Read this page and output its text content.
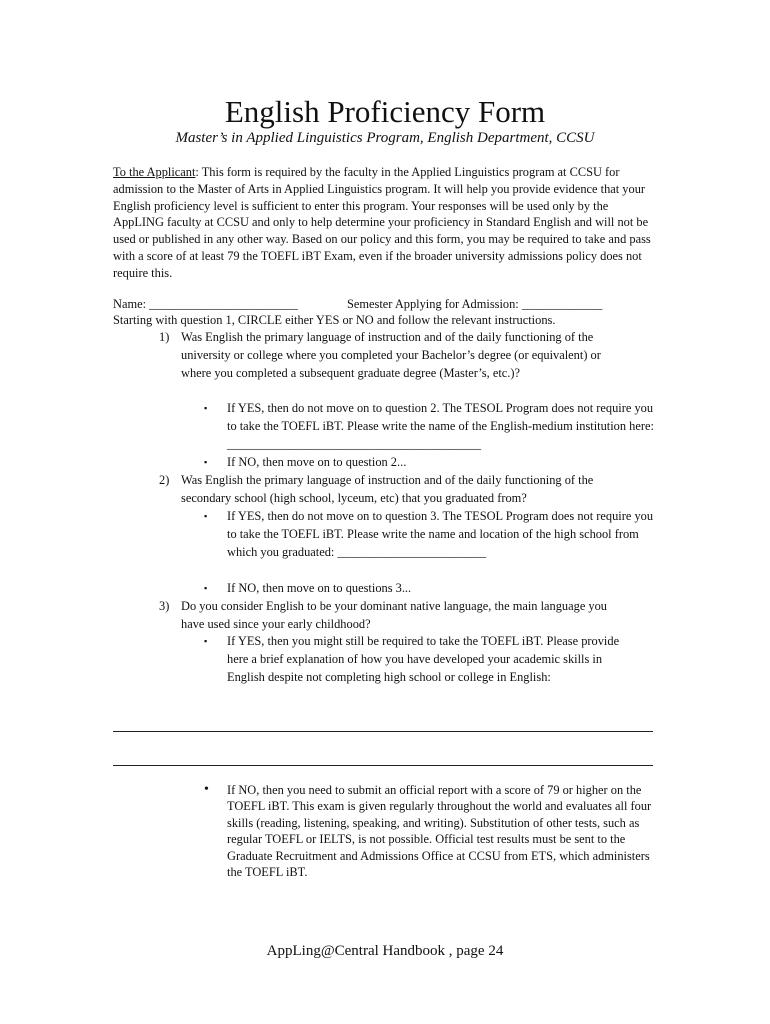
English Proficiency Form
Master’s in Applied Linguistics Program, English Department, CCSU
To the Applicant: This form is required by the faculty in the Applied Linguistics program at CCSU for admission to the Master of Arts in Applied Linguistics program. It will help you provide evidence that your English proficiency level is sufficient to enter this program. Your responses will be used only by the AppLING faculty at CCSU and only to help determine your proficiency in Standard English and will not be used or published in any other way. Based on our policy and this form, you may be required to take and pass with a score of at least 79 the TOEFL iBT Exam, even if the broader university admissions policy does not require this.
Name: ________________________	Semester Applying for Admission: _____________
Starting with question 1, CIRCLE either YES or NO and follow the relevant instructions.
1) Was English the primary language of instruction and of the daily functioning of the university or college where you completed your Bachelor’s degree (or equivalent) or where you completed a subsequent graduate degree (Master’s, etc.)?
▪	If YES, then do not move on to question 2. The TESOL Program does not require you to take the TOEFL iBT. Please write the name of the English-medium institution here: _________________________________________
▪	If NO, then move on to question 2...
2) Was English the primary language of instruction and of the daily functioning of the secondary school (high school, lyceum, etc) that you graduated from?
▪	If YES, then do not move on to question 3. The TESOL Program does not require you to take the TOEFL iBT. Please write the name and location of the high school from which you graduated: ________________________
▪	If NO, then move on to questions 3...
3) Do you consider English to be your dominant native language, the main language you have used since your early childhood?
▪	If YES, then you might still be required to take the TOEFL iBT. Please provide here a brief explanation of how you have developed your academic skills in English despite not completing high school or college in English:
•	If NO, then you need to submit an official report with a score of 79 or higher on the TOEFL iBT. This exam is given regularly throughout the world and evaluates all four skills (reading, listening, speaking, and writing). Substitution of other tests, such as regular TOEFL or IELTS, is not possible. Official test results must be sent to the Graduate Recruitment and Admissions Office at CCSU from ETS, which administers the TOEFL iBT.
AppLing@Central Handbook , page 24
